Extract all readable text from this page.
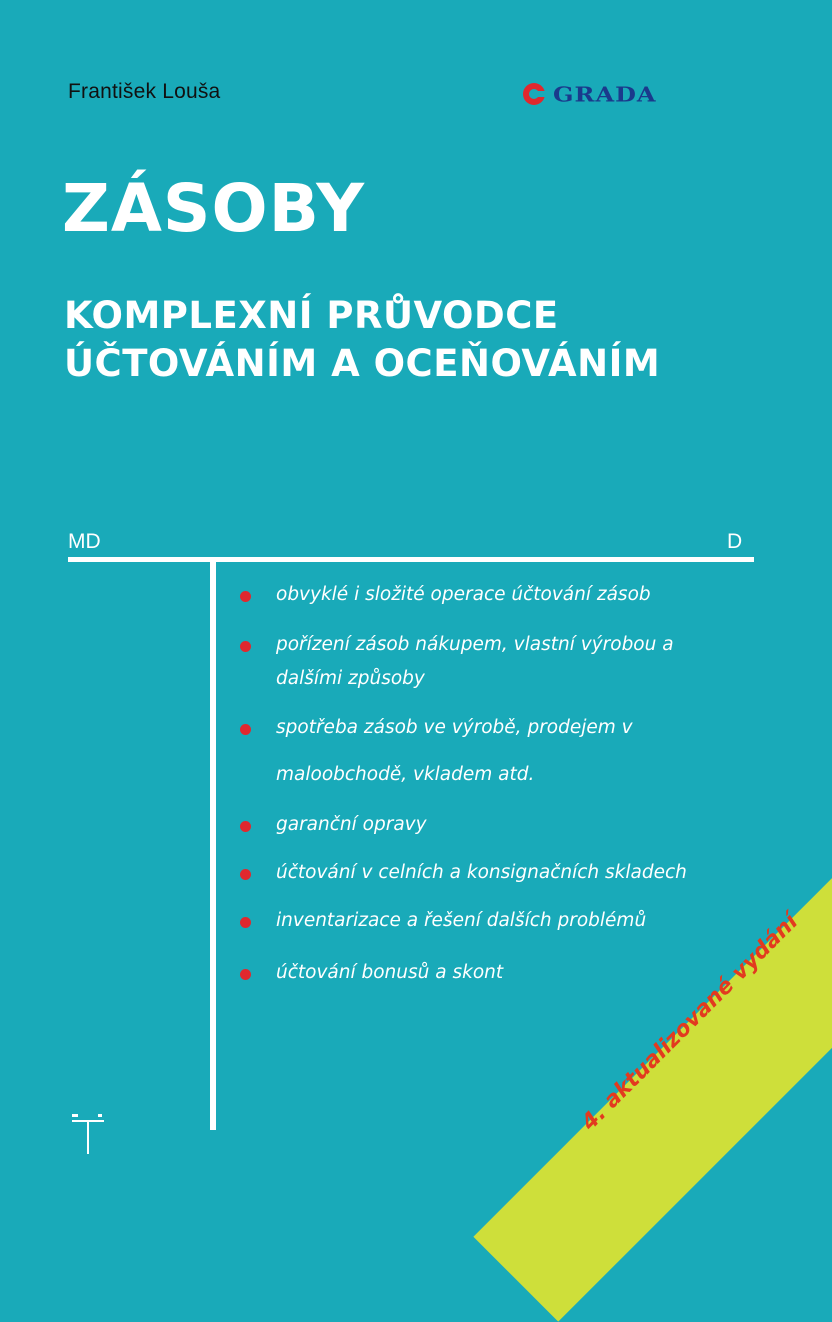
František Louša	GRADA
ZÁSOBY
KOMPLEXNÍ PRŮVODCE
ÚČTOVÁNÍM A OCEŇOVÁNÍM
MD	D
obvyklé i složité operace účtování zásob
pořízení zásob nákupem, vlastní výrobou a
dalšími způsoby
spotřeba zásob ve výrobě, prodejem v
maloobchodě, vkladem atd.
garanční opravy
účtování v celních a konsignačních skladech
inventarizace a řešení dalších problémů
účtování bonusů a skont	4. aktualizované vydání
